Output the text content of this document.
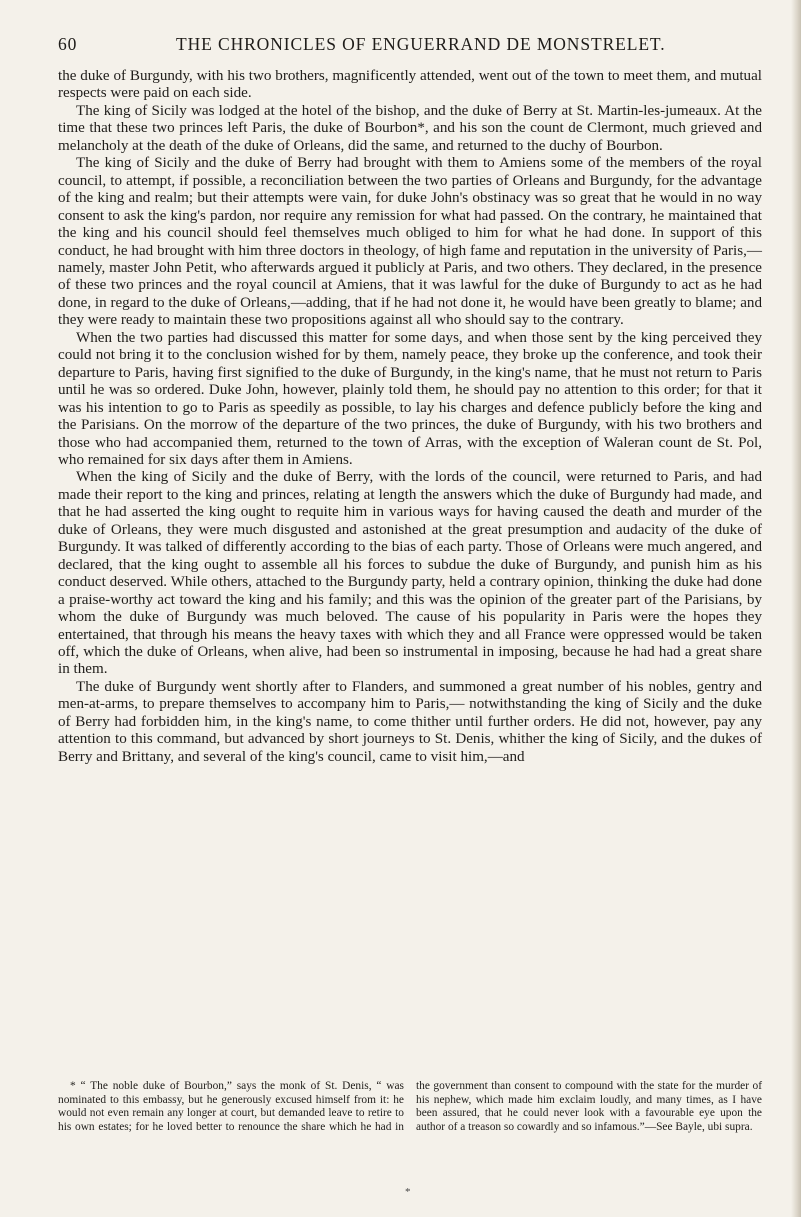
60	THE CHRONICLES OF ENGUERRAND DE MONSTRELET.

the duke of Burgundy, with his two brothers, magnificently attended, went out of the town to meet them, and mutual respects were paid on each side.

The king of Sicily was lodged at the hotel of the bishop, and the duke of Berry at St. Martin-les-jumeaux. At the time that these two princes left Paris, the duke of Bourbon*, and his son the count de Clermont, much grieved and melancholy at the death of the duke of Orleans, did the same, and returned to the duchy of Bourbon.

The king of Sicily and the duke of Berry had brought with them to Amiens some of the members of the royal council, to attempt, if possible, a reconciliation between the two parties of Orleans and Burgundy, for the advantage of the king and realm; but their attempts were vain, for duke John's obstinacy was so great that he would in no way consent to ask the king's pardon, nor require any remission for what had passed. On the contrary, he maintained that the king and his council should feel themselves much obliged to him for what he had done. In support of this conduct, he had brought with him three doctors in theology, of high fame and reputation in the university of Paris,—namely, master John Petit, who afterwards argued it publicly at Paris, and two others. They declared, in the presence of these two princes and the royal council at Amiens, that it was lawful for the duke of Burgundy to act as he had done, in regard to the duke of Orleans,—adding, that if he had not done it, he would have been greatly to blame; and they were ready to maintain these two propositions against all who should say to the contrary.

When the two parties had discussed this matter for some days, and when those sent by the king perceived they could not bring it to the conclusion wished for by them, namely peace, they broke up the conference, and took their departure to Paris, having first signified to the duke of Burgundy, in the king's name, that he must not return to Paris until he was so ordered. Duke John, however, plainly told them, he should pay no attention to this order; for that it was his intention to go to Paris as speedily as possible, to lay his charges and defence publicly before the king and the Parisians. On the morrow of the departure of the two princes, the duke of Burgundy, with his two brothers and those who had accompanied them, returned to the town of Arras, with the exception of Waleran count de St. Pol, who remained for six days after them in Amiens.

When the king of Sicily and the duke of Berry, with the lords of the council, were returned to Paris, and had made their report to the king and princes, relating at length the answers which the duke of Burgundy had made, and that he had asserted the king ought to requite him in various ways for having caused the death and murder of the duke of Orleans, they were much disgusted and astonished at the great presumption and audacity of the duke of Burgundy. It was talked of differently according to the bias of each party. Those of Orleans were much angered, and declared, that the king ought to assemble all his forces to subdue the duke of Burgundy, and punish him as his conduct deserved. While others, attached to the Burgundy party, held a contrary opinion, thinking the duke had done a praise-worthy act toward the king and his family; and this was the opinion of the greater part of the Parisians, by whom the duke of Burgundy was much beloved. The cause of his popularity in Paris were the hopes they entertained, that through his means the heavy taxes with which they and all France were oppressed would be taken off, which the duke of Orleans, when alive, had been so instrumental in imposing, because he had had a great share in them.

The duke of Burgundy went shortly after to Flanders, and summoned a great number of his nobles, gentry and men-at-arms, to prepare themselves to accompany him to Paris,— notwithstanding the king of Sicily and the duke of Berry had forbidden him, in the king's name, to come thither until further orders. He did not, however, pay any attention to this command, but advanced by short journeys to St. Denis, whither the king of Sicily, and the dukes of Berry and Brittany, and several of the king's council, came to visit him,—and

* “ The noble duke of Bourbon,” says the monk of St. Denis, “ was nominated to this embassy, but he generously excused himself from it: he would not even remain any longer at court, but demanded leave to retire to his own estates; for he loved better to renounce the share which he had in the government than consent to compound with the state for the murder of his nephew, which made him exclaim loudly, and many times, as I have been assured, that he could never look with a favourable eye upon the author of a treason so cowardly and so infamous.”—See Bayle, ubi supra.

*
